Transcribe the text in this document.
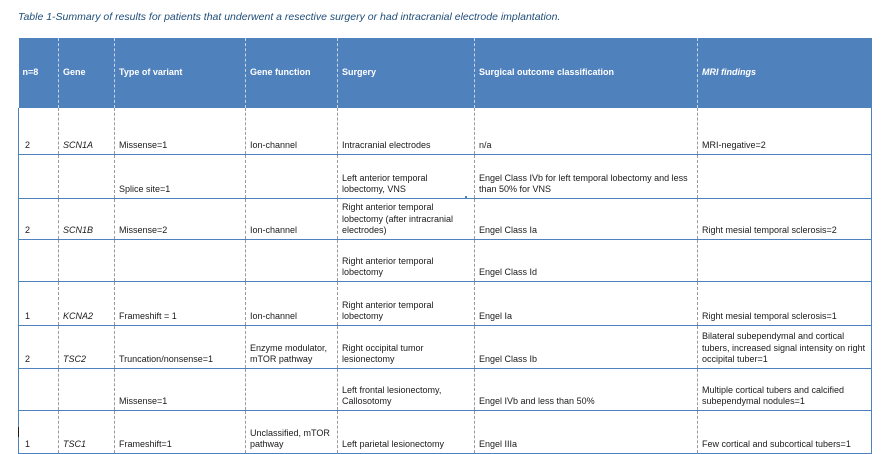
Table 1-Summary of results for patients that underwent a resective surgery or had intracranial electrode implantation.
n=8	Gene	Type of variant	Gene function	Surgery	Surgical outcome classification	MRI findings
2	SCN1A	Missense=1	Ion-channel	Intracranial electrodes	n/a	MRI-negative=2
		Splice site=1		Left anterior temporal lobectomy, VNS	Engel Class IVb for left temporal lobectomy and less than 50% for VNS	
2	SCN1B	Missense=2	Ion-channel	Right anterior temporal lobectomy (after intracranial electrodes)	Engel Class Ia	Right mesial temporal sclerosis=2
				Right anterior temporal lobectomy	Engel Class Id	
1	KCNA2	Frameshift = 1	Ion-channel	Right anterior temporal lobectomy	Engel Ia	Right mesial temporal sclerosis=1
2	TSC2	Truncation/nonsense=1	Enzyme modulator, mTOR pathway	Right occipital tumor lesionectomy	Engel Class Ib	Bilateral subependymal and cortical tubers, increased signal intensity on right occipital tuber=1
		Missense=1		Left frontal lesionectomy, Callosotomy	Engel IVb and less than 50%	Multiple cortical tubers and calcified subependymal nodules=1
1	TSC1	Frameshift=1	Unclassified, mTOR pathway	Left parietal lesionectomy	Engel IIIa	Few cortical and subcortical tubers=1
